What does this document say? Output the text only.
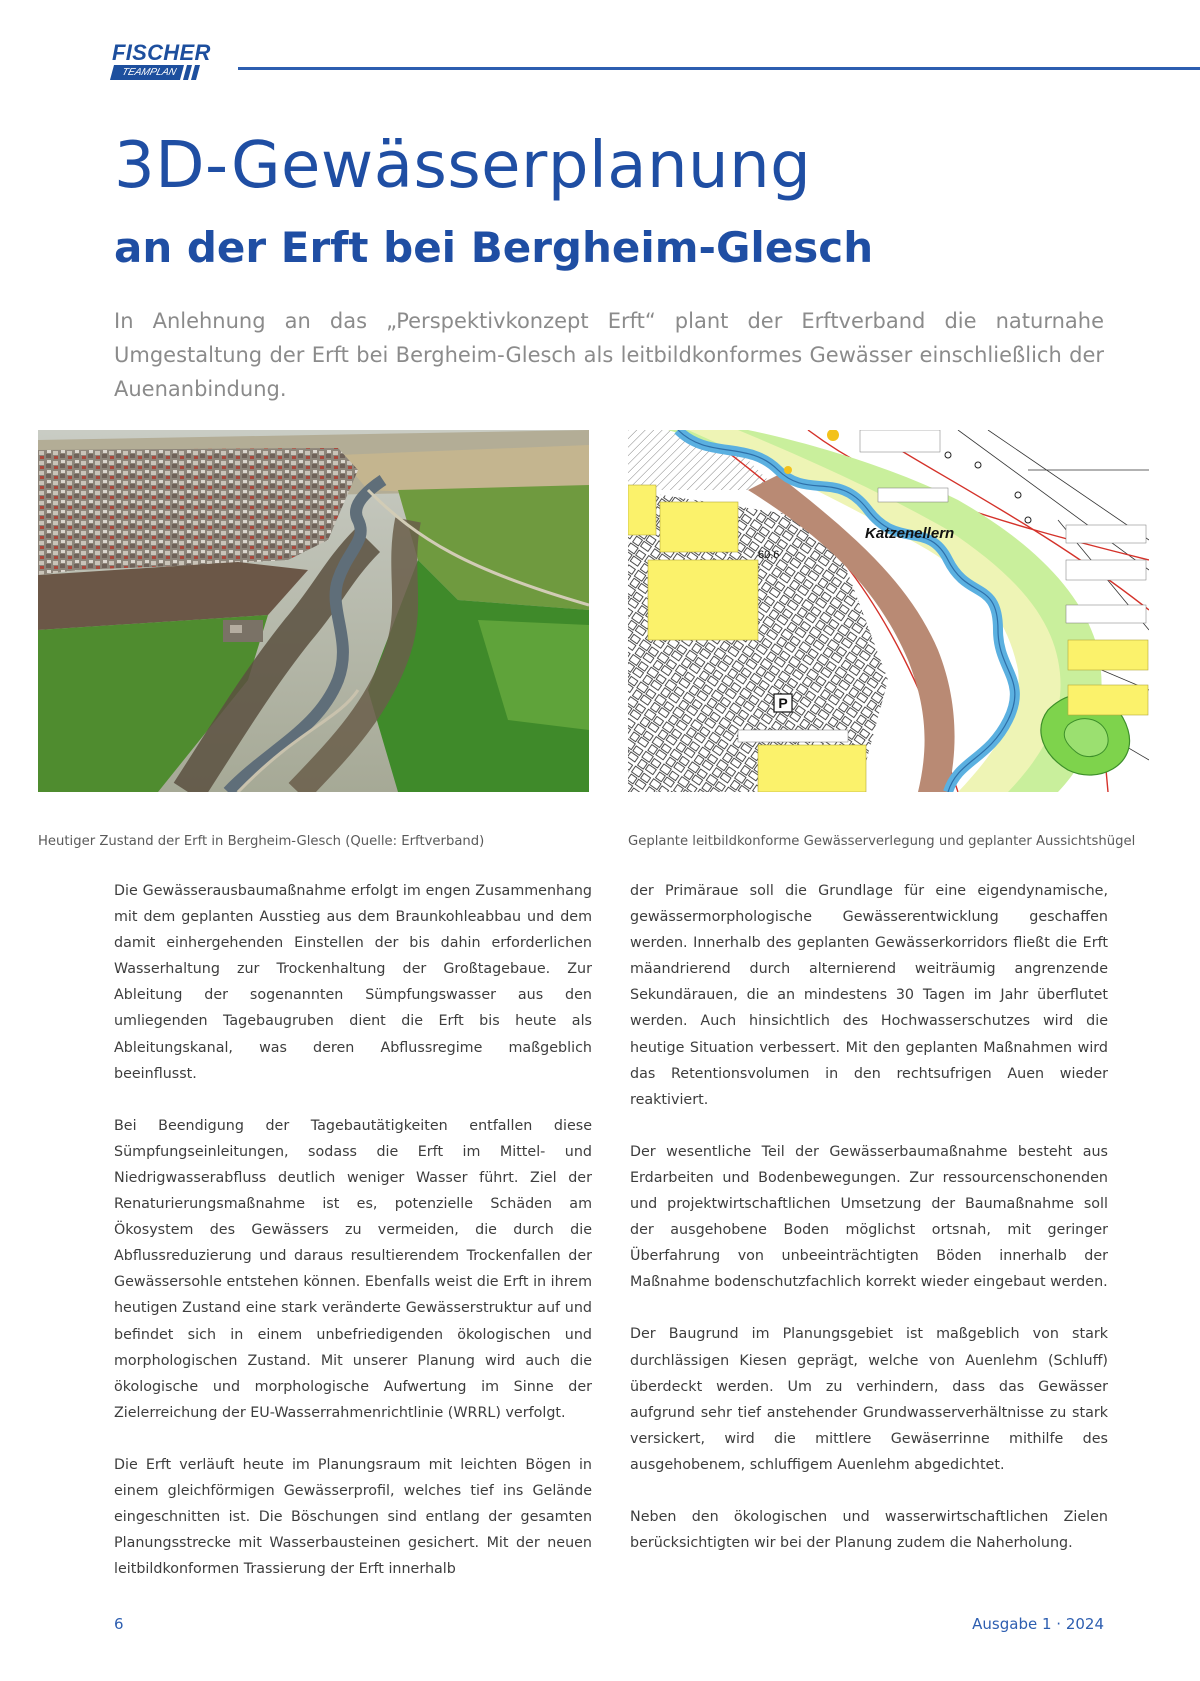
FISCHER
TEAMPLAN
3D-Gewässerplanung
an der Erft bei Bergheim-Glesch

In Anlehnung an das „Perspektivkonzept Erft“ plant der Erftverband die naturnahe Umgestaltung der Erft bei Bergheim-Glesch als leitbildkonformes Gewässer einschließlich der Auenanbindung.

P
Katzenellern
60,6
Heutiger Zustand der Erft in Bergheim-Glesch (Quelle: Erftverband)	Geplante leitbildkonforme Gewässerverlegung und geplanter Aussichtshügel

Die Gewässerausbaumaßnahme erfolgt im engen Zusammenhang mit dem geplanten Ausstieg aus dem Braunkohleabbau und dem damit einhergehenden Einstellen der bis dahin erforderlichen Wasserhaltung zur Trockenhaltung der Großtagebaue. Zur Ableitung der sogenannten Sümpfungswasser aus den umliegenden Tagebaugruben dient die Erft bis heute als Ableitungskanal, was deren Abflussregime maßgeblich beeinflusst.

Bei Beendigung der Tagebautätigkeiten entfallen diese Sümpfungseinleitungen, sodass die Erft im Mittel- und Niedrigwasserabfluss deutlich weniger Wasser führt. Ziel der Renaturierungsmaßnahme ist es, potenzielle Schäden am Ökosystem des Gewässers zu vermeiden, die durch die Abflussreduzierung und daraus resultierendem Trockenfallen der Gewässersohle entstehen können. Ebenfalls weist die Erft in ihrem heutigen Zustand eine stark veränderte Gewässerstruktur auf und befindet sich in einem unbefriedigenden ökologischen und morphologischen Zustand. Mit unserer Planung wird auch die ökologische und morphologische Aufwertung im Sinne der Zielerreichung der EU-Wasserrahmenrichtlinie (WRRL) verfolgt.

Die Erft verläuft heute im Planungsraum mit leichten Bögen in einem gleichförmigen Gewässerprofil, welches tief ins Gelände eingeschnitten ist. Die Böschungen sind entlang der gesamten Planungsstrecke mit Wasserbausteinen gesichert. Mit der neuen leitbildkonformen Trassierung der Erft innerhalb

der Primäraue soll die Grundlage für eine eigendynamische, gewässermorphologische Gewässerentwicklung geschaffen werden. Innerhalb des geplanten Gewässerkorridors fließt die Erft mäandrierend durch alternierend weiträumig angrenzende Sekundärauen, die an mindestens 30 Tagen im Jahr überflutet werden. Auch hinsichtlich des Hochwasserschutzes wird die heutige Situation verbessert. Mit den geplanten Maßnahmen wird das Retentionsvolumen in den rechtsufrigen Auen wieder reaktiviert.

Der wesentliche Teil der Gewässerbaumaßnahme besteht aus Erdarbeiten und Bodenbewegungen. Zur ressourcenschonenden und projektwirtschaftlichen Umsetzung der Baumaßnahme soll der ausgehobene Boden möglichst ortsnah, mit geringer Überfahrung von unbeeinträchtigten Böden innerhalb der Maßnahme bodenschutzfachlich korrekt wieder eingebaut werden.

Der Baugrund im Planungsgebiet ist maßgeblich von stark durchlässigen Kiesen geprägt, welche von Auenlehm (Schluff) überdeckt werden. Um zu verhindern, dass das Gewässer aufgrund sehr tief anstehender Grundwasserverhältnisse zu stark versickert, wird die mittlere Gewäserrinne mithilfe des ausgehobenem, schluffigem Auenlehm abgedichtet.

Neben den ökologischen und wasserwirtschaftlichen Zielen berücksichtigten wir bei der Planung zudem die Naherholung.

6	Ausgabe 1 · 2024
